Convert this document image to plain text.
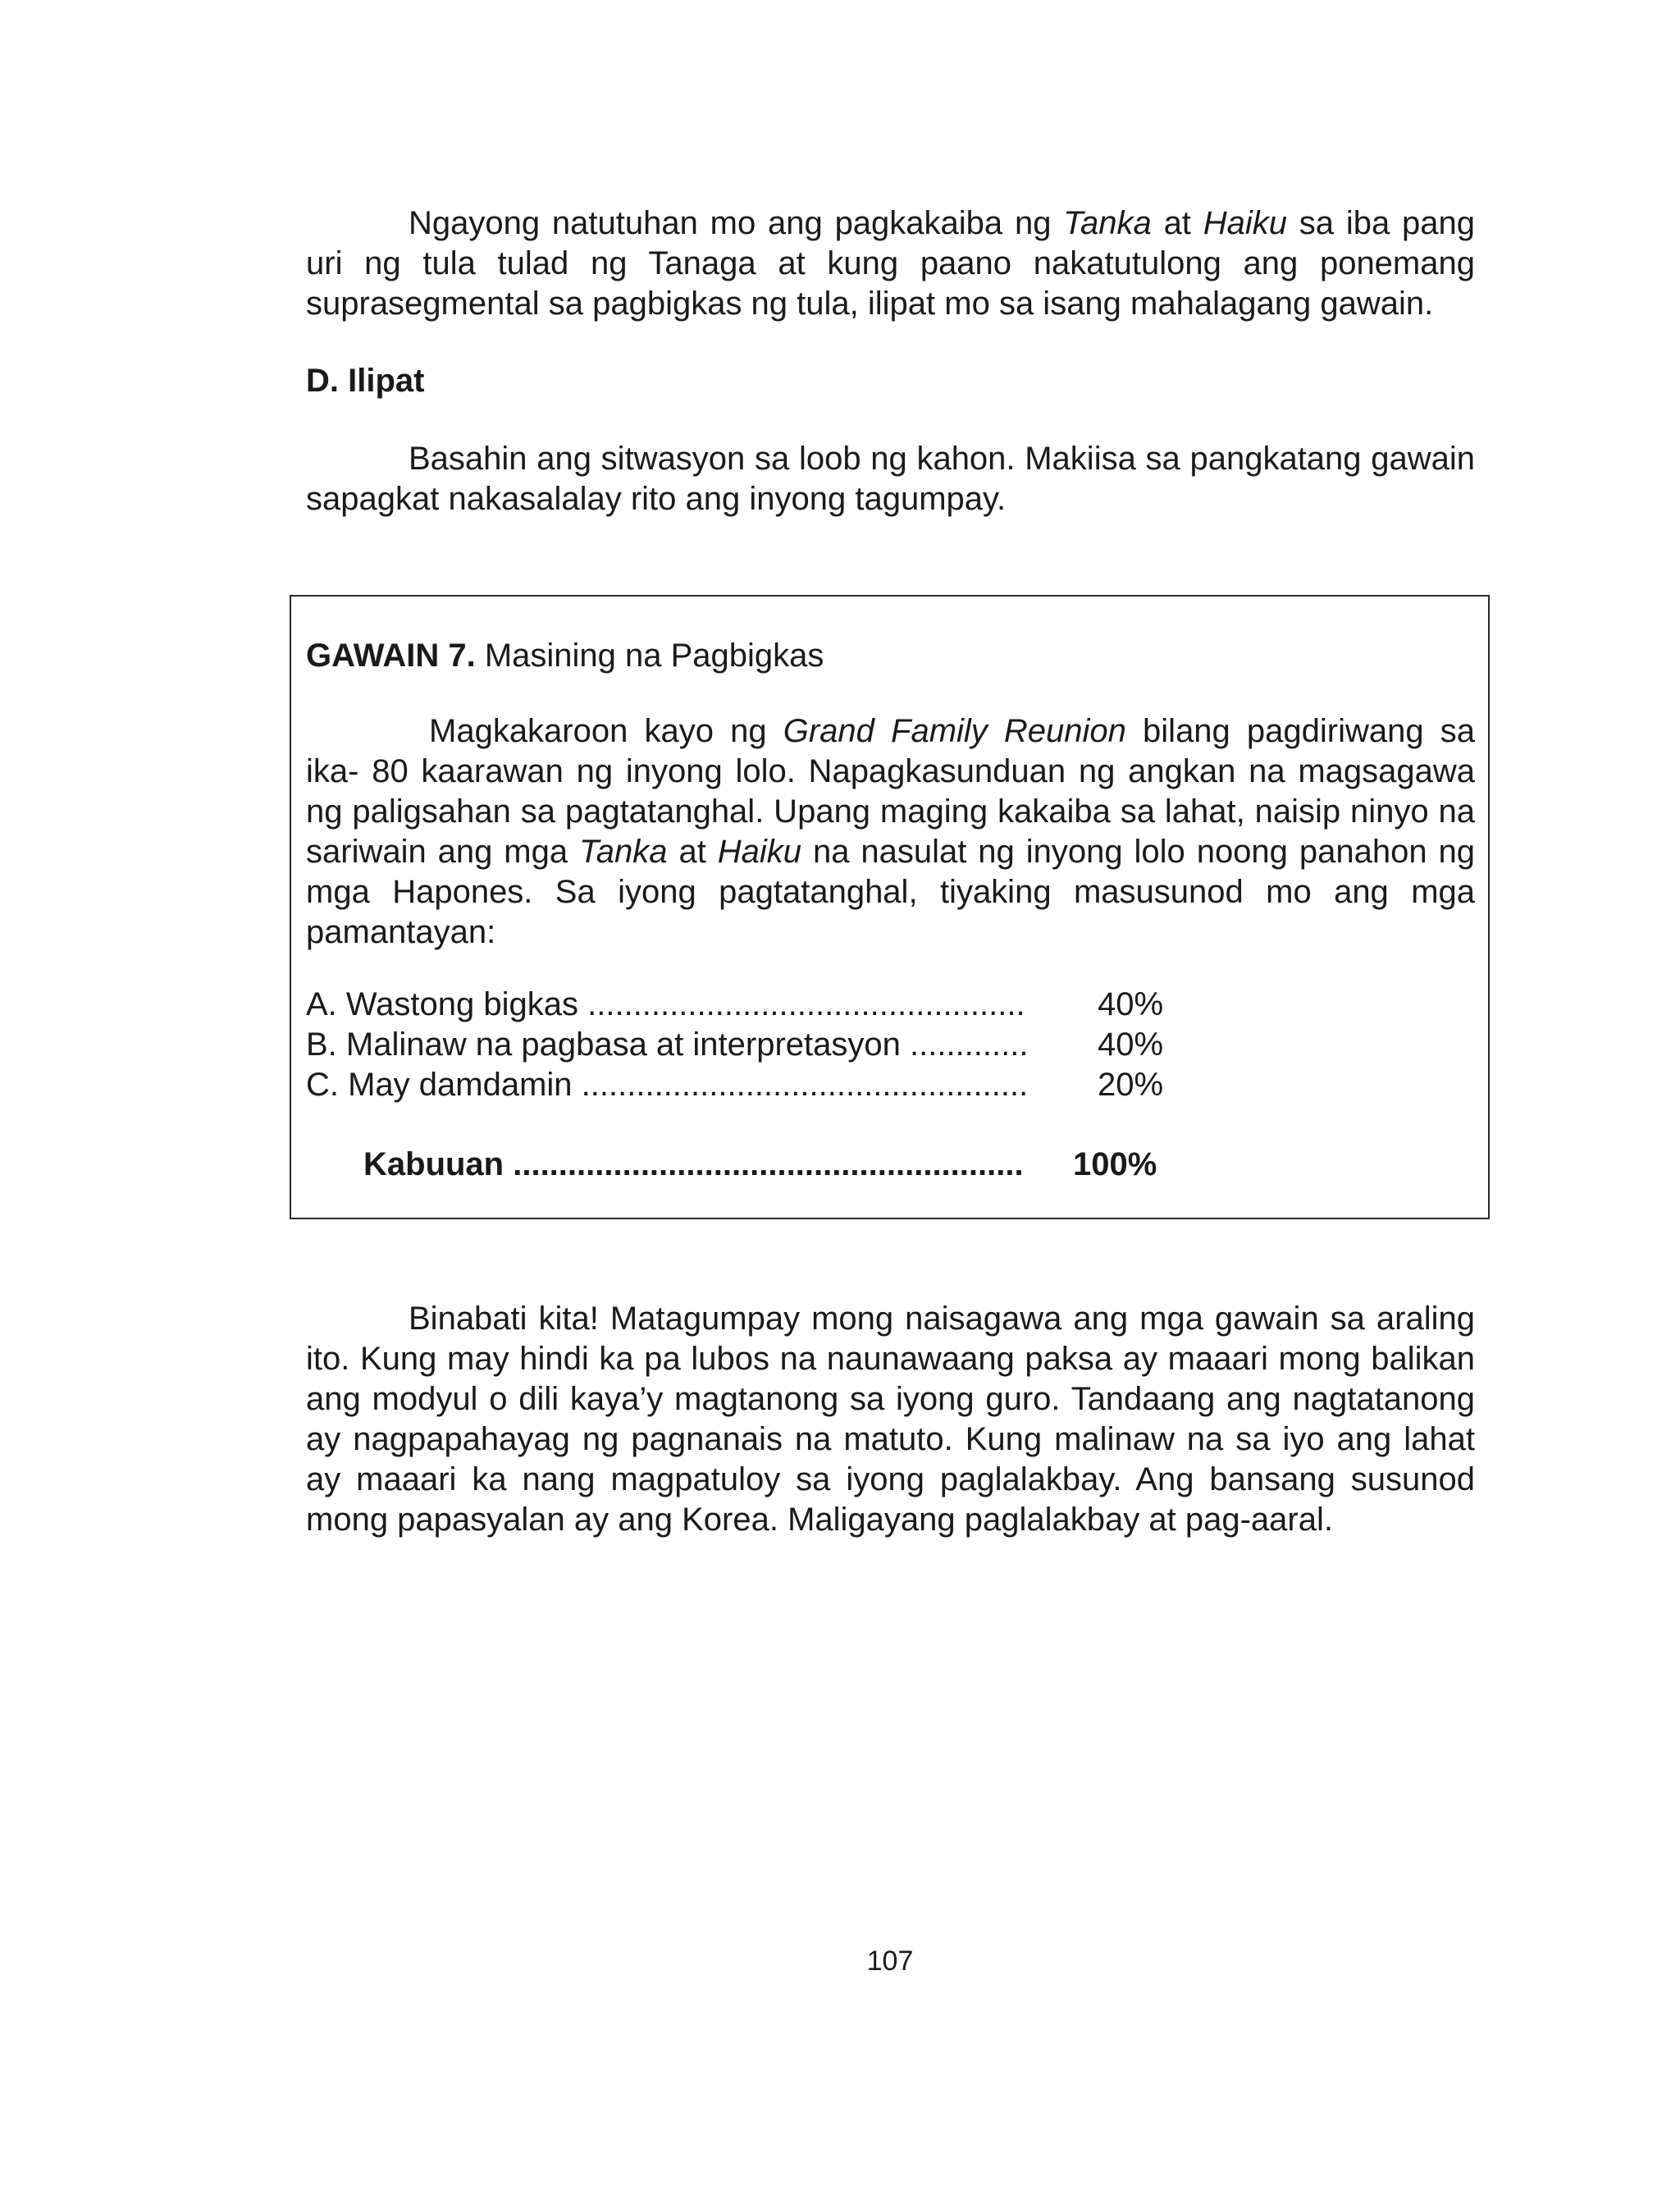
Ngayong natutuhan mo ang pagkakaiba ng Tanka at Haiku sa iba pang uri ng tula tulad ng Tanaga at kung paano nakatutulong ang ponemang suprasegmental sa pagbigkas ng tula, ilipat mo sa isang mahalagang gawain.

D. Ilipat

Basahin ang sitwasyon sa loob ng kahon. Makiisa sa pangkatang gawain sapagkat nakasalalay rito ang inyong tagumpay.

GAWAIN 7. Masining na Pagbigkas

Magkakaroon kayo ng Grand Family Reunion bilang pagdiriwang sa ika- 80 kaarawan ng inyong lolo. Napagkasunduan ng angkan na magsagawa ng paligsahan sa pagtatanghal. Upang maging kakaiba sa lahat, naisip ninyo na sariwain ang mga Tanka at Haiku na nasulat ng inyong lolo noong panahon ng mga Hapones. Sa iyong pagtatanghal, tiyaking masusunod mo ang mga pamantayan:

A. Wastong bigkas ................................................ 40%
B. Malinaw na pagbasa at interpretasyon ............. 40%
C. May damdamin ................................................. 20%
Kabuuan ........................................................ 100%

Binabati kita! Matagumpay mong naisagawa ang mga gawain sa araling ito. Kung may hindi ka pa lubos na naunawaang paksa ay maaari mong balikan ang modyul o dili kaya’y magtanong sa iyong guro. Tandaang ang nagtatanong ay nagpapahayag ng pagnanais na matuto. Kung malinaw na sa iyo ang lahat ay maaari ka nang magpatuloy sa iyong paglalakbay. Ang bansang susunod mong papasyalan ay ang Korea. Maligayang paglalakbay at pag-aaral.

107
